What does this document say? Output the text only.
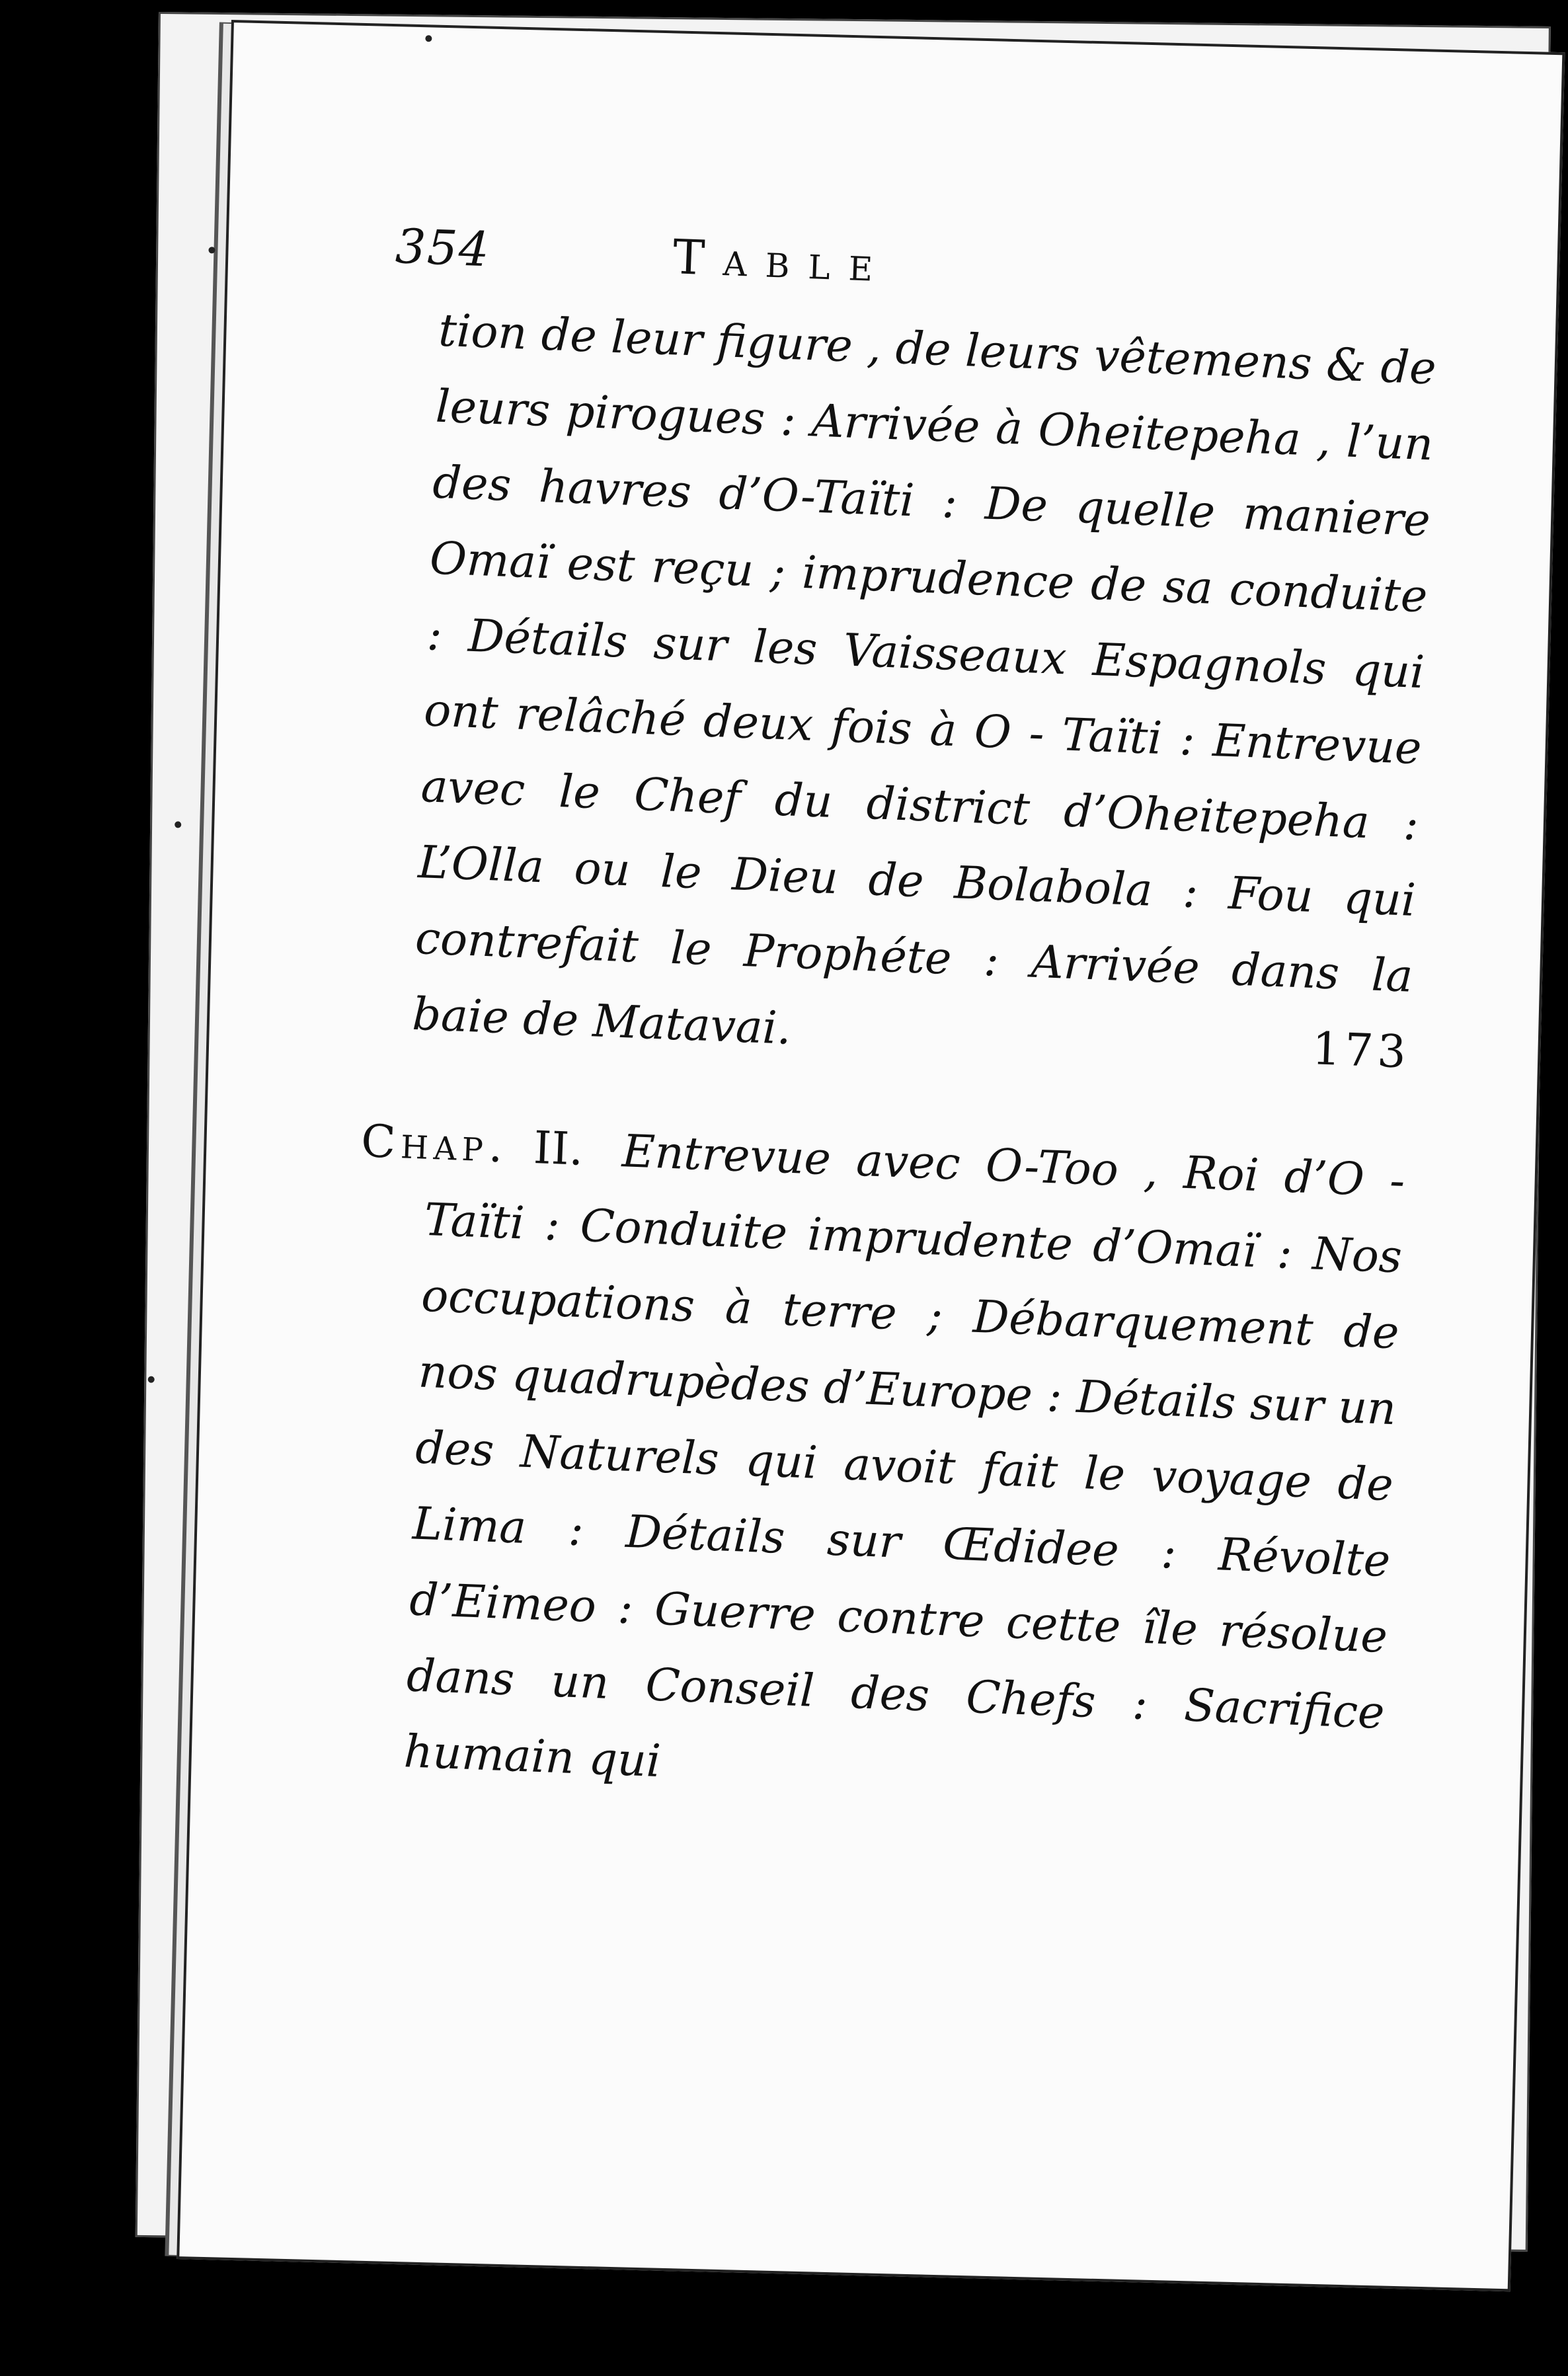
354	Table
tion de leur figure , de leurs vêtemens & de leurs pirogues : Arrivée à Oheitepeha , l’un des havres d’O-Taïti : De quelle maniere Omaï est reçu ; imprudence de sa conduite : Détails sur les Vaisseaux Espagnols qui ont relâché deux fois à O - Taïti : Entrevue avec le Chef du district d’Oheitepeha : L’Olla ou le Dieu de Bolabola : Fou qui contrefait le Prophéte : Arrivée dans la baie de Matavai.	173
Chap. II. Entrevue avec O-Too , Roi d’O - Taïti : Conduite imprudente d’Omaï : Nos occupations à terre ; Débarquement de nos quadrupèdes d’Europe : Détails sur un des Naturels qui avoit fait le voyage de Lima : Détails sur Œdidee : Révolte d’Eimeo : Guerre contre cette île résolue dans un Conseil des Chefs : Sacrifice humain qui
